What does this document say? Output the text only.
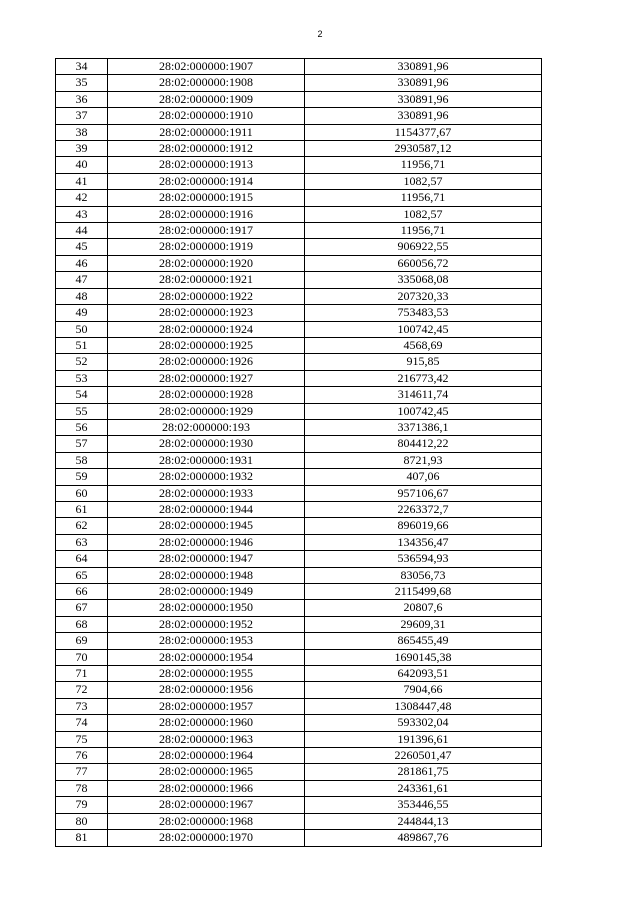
2
34	28:02:000000:1907	330891,96
35	28:02:000000:1908	330891,96
36	28:02:000000:1909	330891,96
37	28:02:000000:1910	330891,96
38	28:02:000000:1911	1154377,67
39	28:02:000000:1912	2930587,12
40	28:02:000000:1913	11956,71
41	28:02:000000:1914	1082,57
42	28:02:000000:1915	11956,71
43	28:02:000000:1916	1082,57
44	28:02:000000:1917	11956,71
45	28:02:000000:1919	906922,55
46	28:02:000000:1920	660056,72
47	28:02:000000:1921	335068,08
48	28:02:000000:1922	207320,33
49	28:02:000000:1923	753483,53
50	28:02:000000:1924	100742,45
51	28:02:000000:1925	4568,69
52	28:02:000000:1926	915,85
53	28:02:000000:1927	216773,42
54	28:02:000000:1928	314611,74
55	28:02:000000:1929	100742,45
56	28:02:000000:193	3371386,1
57	28:02:000000:1930	804412,22
58	28:02:000000:1931	8721,93
59	28:02:000000:1932	407,06
60	28:02:000000:1933	957106,67
61	28:02:000000:1944	2263372,7
62	28:02:000000:1945	896019,66
63	28:02:000000:1946	134356,47
64	28:02:000000:1947	536594,93
65	28:02:000000:1948	83056,73
66	28:02:000000:1949	2115499,68
67	28:02:000000:1950	20807,6
68	28:02:000000:1952	29609,31
69	28:02:000000:1953	865455,49
70	28:02:000000:1954	1690145,38
71	28:02:000000:1955	642093,51
72	28:02:000000:1956	7904,66
73	28:02:000000:1957	1308447,48
74	28:02:000000:1960	593302,04
75	28:02:000000:1963	191396,61
76	28:02:000000:1964	2260501,47
77	28:02:000000:1965	281861,75
78	28:02:000000:1966	243361,61
79	28:02:000000:1967	353446,55
80	28:02:000000:1968	244844,13
81	28:02:000000:1970	489867,76
